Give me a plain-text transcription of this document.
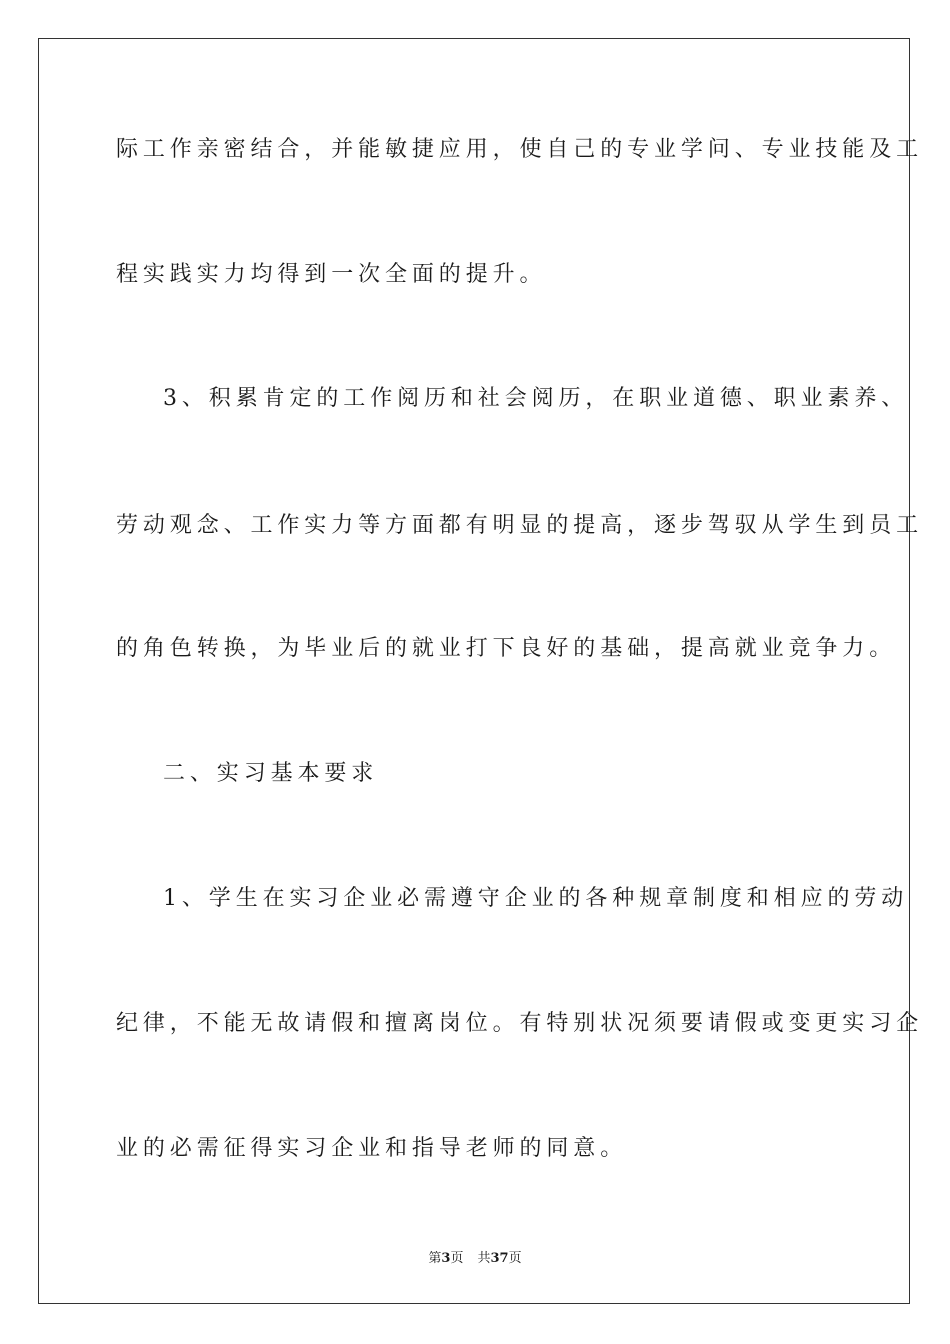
际工作亲密结合，并能敏捷应用，使自己的专业学问、专业技能及工
程实践实力均得到一次全面的提升。
3、积累肯定的工作阅历和社会阅历，在职业道德、职业素养、
劳动观念、工作实力等方面都有明显的提高，逐步驾驭从学生到员工
的角色转换，为毕业后的就业打下良好的基础，提高就业竞争力。
二、实习基本要求
1、学生在实习企业必需遵守企业的各种规章制度和相应的劳动
纪律，不能无故请假和擅离岗位。有特别状况须要请假或变更实习企
业的必需征得实习企业和指导老师的同意。
第3页 共37页
